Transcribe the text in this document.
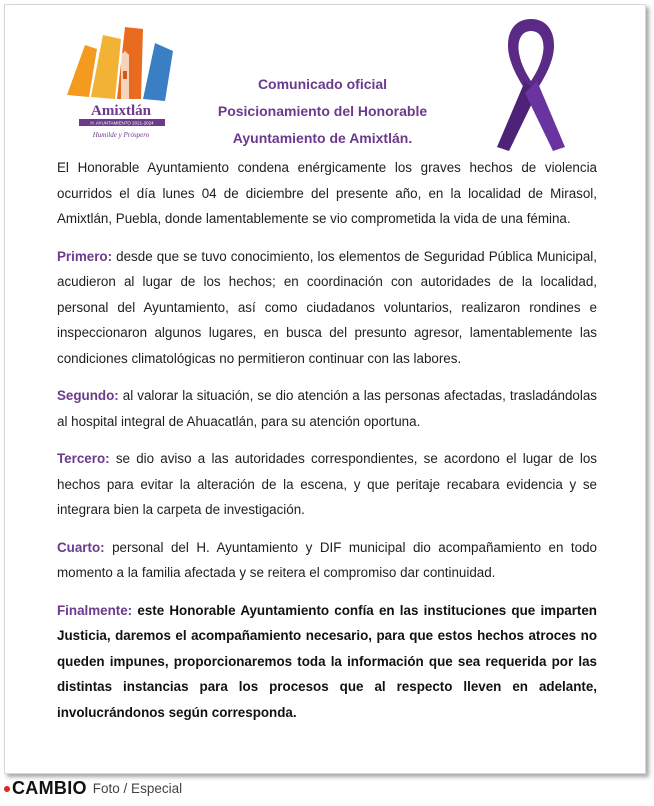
Amixtlán
H. AYUNTAMIENTO 2021-2024
Humilde y Próspero
Comunicado oficial
Posicionamiento del Honorable
Ayuntamiento de Amixtlán.

El Honorable Ayuntamiento condena enérgicamente los graves hechos de violencia ocurridos el día lunes 04 de diciembre del presente año, en la localidad de Mirasol, Amixtlán, Puebla, donde lamentablemente se vio comprometida la vida de una fémina.

Primero: desde que se tuvo conocimiento, los elementos de Seguridad Pública Municipal, acudieron al lugar de los hechos; en coordinación con autoridades de la localidad, personal del Ayuntamiento, así como ciudadanos voluntarios, realizaron rondines e inspeccionaron algunos lugares, en busca del presunto agresor, lamentablemente las condiciones climatológicas no permitieron continuar con las labores.

Segundo: al valorar la situación, se dio atención a las personas afectadas, trasladándolas al hospital integral de Ahuacatlán, para su atención oportuna.

Tercero: se dio aviso a las autoridades correspondientes, se acordono el lugar de los hechos para evitar la alteración de la escena, y que peritaje recabara evidencia y se integrara bien la carpeta de investigación.

Cuarto: personal del H. Ayuntamiento y DIF municipal dio acompañamiento en todo momento a la familia afectada y se reitera el compromiso dar continuidad.

Finalmente: este Honorable Ayuntamiento confía en las instituciones que imparten Justicia, daremos el acompañamiento necesario, para que estos hechos atroces no queden impunes, proporcionaremos toda la información que sea requerida por las distintas instancias para los procesos que al respecto lleven en adelante, involucrándonos según corresponda.

CAMBIO Foto / Especial
